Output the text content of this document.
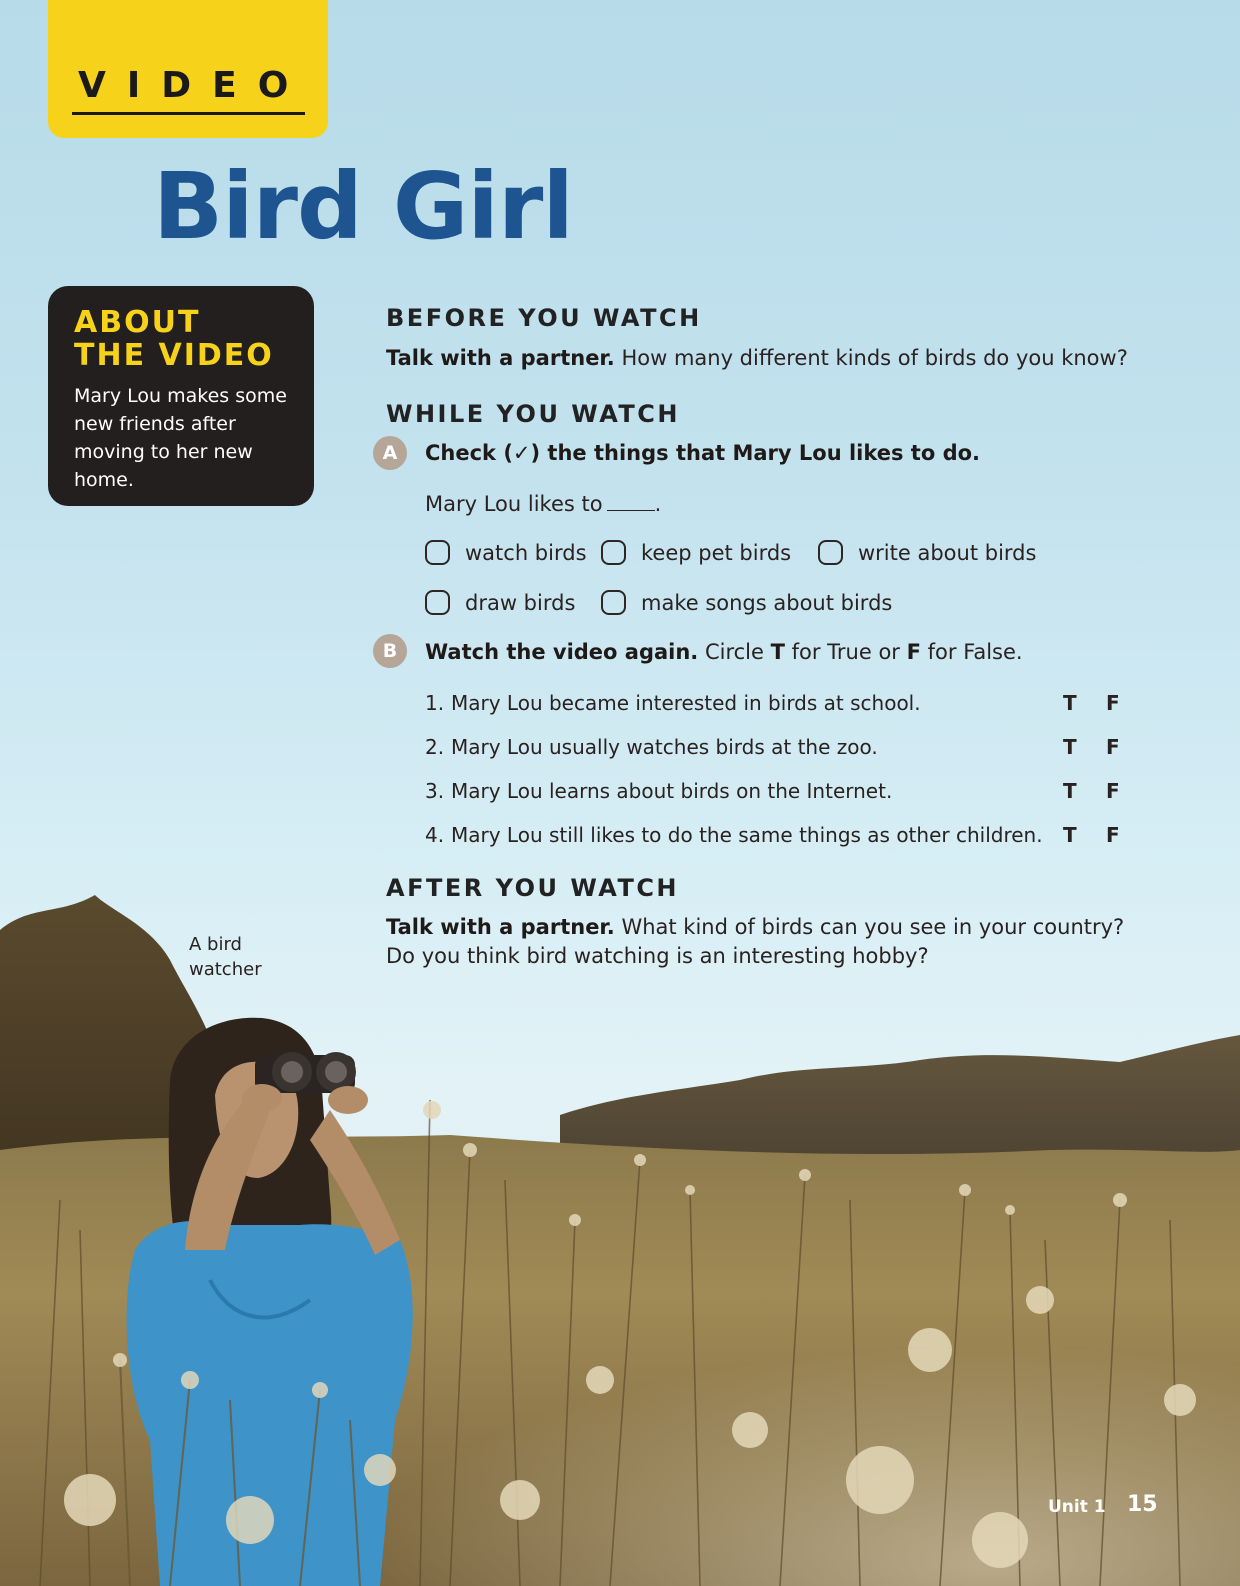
VIDEO
Bird Girl
ABOUT
THE VIDEO
Mary Lou makes some new friends after moving to her new home.
BEFORE YOU WATCH
Talk with a partner. How many different kinds of birds do you know?
WHILE YOU WATCH
A	Check (✓) the things that Mary Lou likes to do.
Mary Lou likes to .
watch birds	keep pet birds	write about birds
draw birds	make songs about birds
B	Watch the video again. Circle T for True or F for False.
1. Mary Lou became interested in birds at school.	T F
2. Mary Lou usually watches birds at the zoo.	T F
3. Mary Lou learns about birds on the Internet.	T F
4. Mary Lou still likes to do the same things as other children. T F
AFTER YOU WATCH
Talk with a partner. What kind of birds can you see in your country?
Do you think bird watching is an interesting hobby?
A bird
watcher
Unit 1 15
